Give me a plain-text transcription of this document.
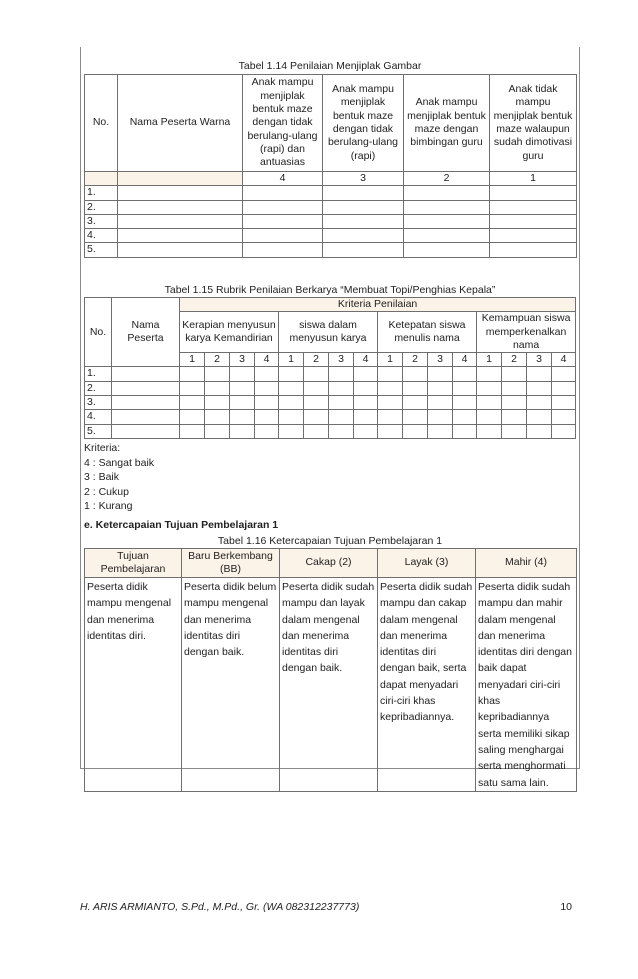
Tabel 1.14 Penilaian Menjiplak Gambar
No.	Nama Peserta Warna	Anak mampu menjiplak bentuk maze dengan tidak berulang-ulang (rapi) dan antuasias	Anak mampu menjiplak bentuk maze dengan tidak berulang-ulang (rapi)	Anak mampu menjiplak bentuk maze dengan bimbingan guru	Anak tidak mampu menjiplak bentuk maze walaupun sudah dimotivasi guru
		4	3	2	1
1.					
2.					
3.					
4.					
5.					
Tabel 1.15 Rubrik Penilaian Berkarya “Membuat Topi/Penghias Kepala”
No.	Nama Peserta	Kriteria Penilaian															
		Kerapian menyusun karya Kemandirian				siswa dalam menyusun karya				Ketepatan siswa menulis nama				Kemampuan siswa memperkenalkan nama			
		1	2	3	4	1	2	3	4	1	2	3	4	1	2	3	4
1.																	
2.																	
3.																	
4.																	
5.																	
Kriteria:
4 : Sangat baik
3 : Baik
2 : Cukup
1 : Kurang
e. Ketercapaian Tujuan Pembelajaran 1
Tabel 1.16 Ketercapaian Tujuan Pembelajaran 1
Tujuan Pembelajaran	Baru Berkembang (BB)	Cakap (2)	Layak (3)	Mahir (4)
Peserta didik mampu mengenal dan menerima identitas diri.	Peserta didik belum mampu mengenal dan menerima identitas diri dengan baik.	Peserta didik sudah mampu dan layak dalam mengenal dan menerima identitas diri dengan baik.	Peserta didik sudah mampu dan cakap dalam mengenal dan menerima identitas diri dengan baik, serta dapat menyadari ciri-ciri khas kepribadiannya.	Peserta didik sudah mampu dan mahir dalam mengenal dan menerima identitas diri dengan baik dapat menyadari ciri-ciri khas kepribadiannya serta memiliki sikap saling menghargai serta menghormati satu sama lain.
H. ARIS ARMIANTO, S.Pd., M.Pd., Gr. (WA 082312237773)	10
